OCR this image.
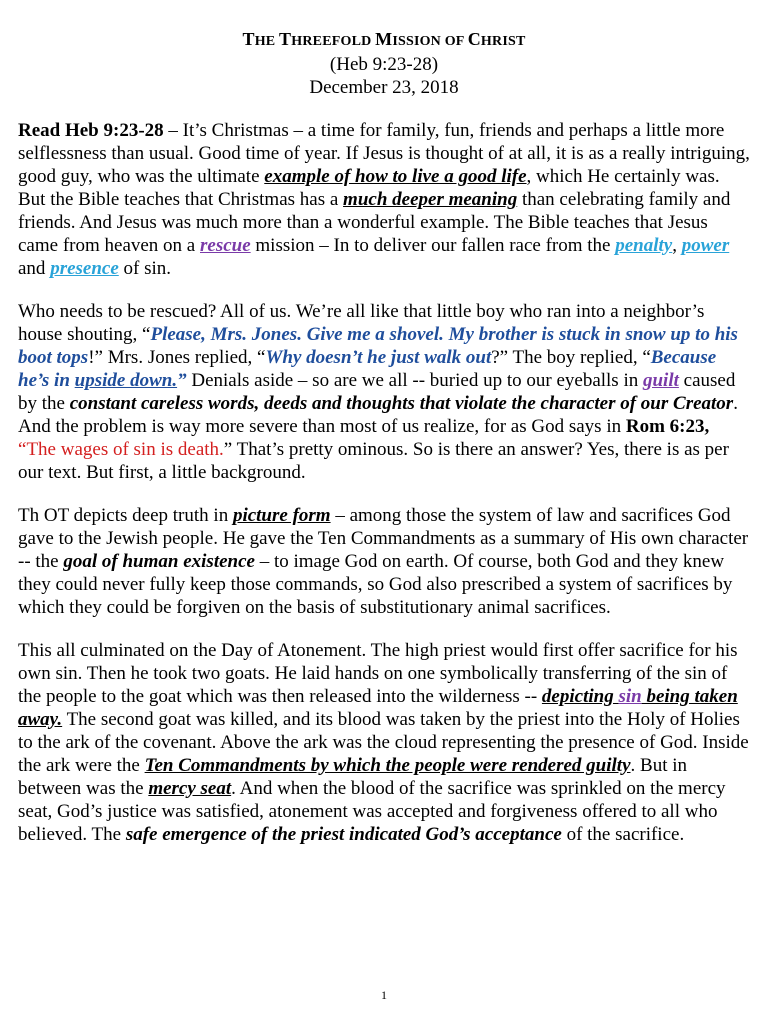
THE THREEFOLD MISSION OF CHRIST
(Heb 9:23-28)
December 23, 2018

Read Heb 9:23-28 – It’s Christmas – a time for family, fun, friends and perhaps a little more selflessness than usual. Good time of year. If Jesus is thought of at all, it is as a really intriguing, good guy, who was the ultimate example of how to live a good life, which He certainly was. But the Bible teaches that Christmas has a much deeper meaning than celebrating family and friends. And Jesus was much more than a wonderful example. The Bible teaches that Jesus came from heaven on a rescue mission – In to deliver our fallen race from the penalty, power and presence of sin.

Who needs to be rescued? All of us. We’re all like that little boy who ran into a neighbor’s house shouting, “Please, Mrs. Jones. Give me a shovel. My brother is stuck in snow up to his boot tops!” Mrs. Jones replied, “Why doesn’t he just walk out?” The boy replied, “Because he’s in upside down.” Denials aside – so are we all -- buried up to our eyeballs in guilt caused by the constant careless words, deeds and thoughts that violate the character of our Creator. And the problem is way more severe than most of us realize, for as God says in Rom 6:23, “The wages of sin is death.” That’s pretty ominous. So is there an answer? Yes, there is as per our text. But first, a little background.

Th OT depicts deep truth in picture form – among those the system of law and sacrifices God gave to the Jewish people. He gave the Ten Commandments as a summary of His own character -- the goal of human existence – to image God on earth. Of course, both God and they knew they could never fully keep those commands, so God also prescribed a system of sacrifices by which they could be forgiven on the basis of substitutionary animal sacrifices.

This all culminated on the Day of Atonement. The high priest would first offer sacrifice for his own sin. Then he took two goats. He laid hands on one symbolically transferring of the sin of the people to the goat which was then released into the wilderness -- depicting sin being taken away. The second goat was killed, and its blood was taken by the priest into the Holy of Holies to the ark of the covenant. Above the ark was the cloud representing the presence of God. Inside the ark were the Ten Commandments by which the people were rendered guilty. But in between was the mercy seat. And when the blood of the sacrifice was sprinkled on the mercy seat, God’s justice was satisfied, atonement was accepted and forgiveness offered to all who believed. The safe emergence of the priest indicated God’s acceptance of the sacrifice.

1
